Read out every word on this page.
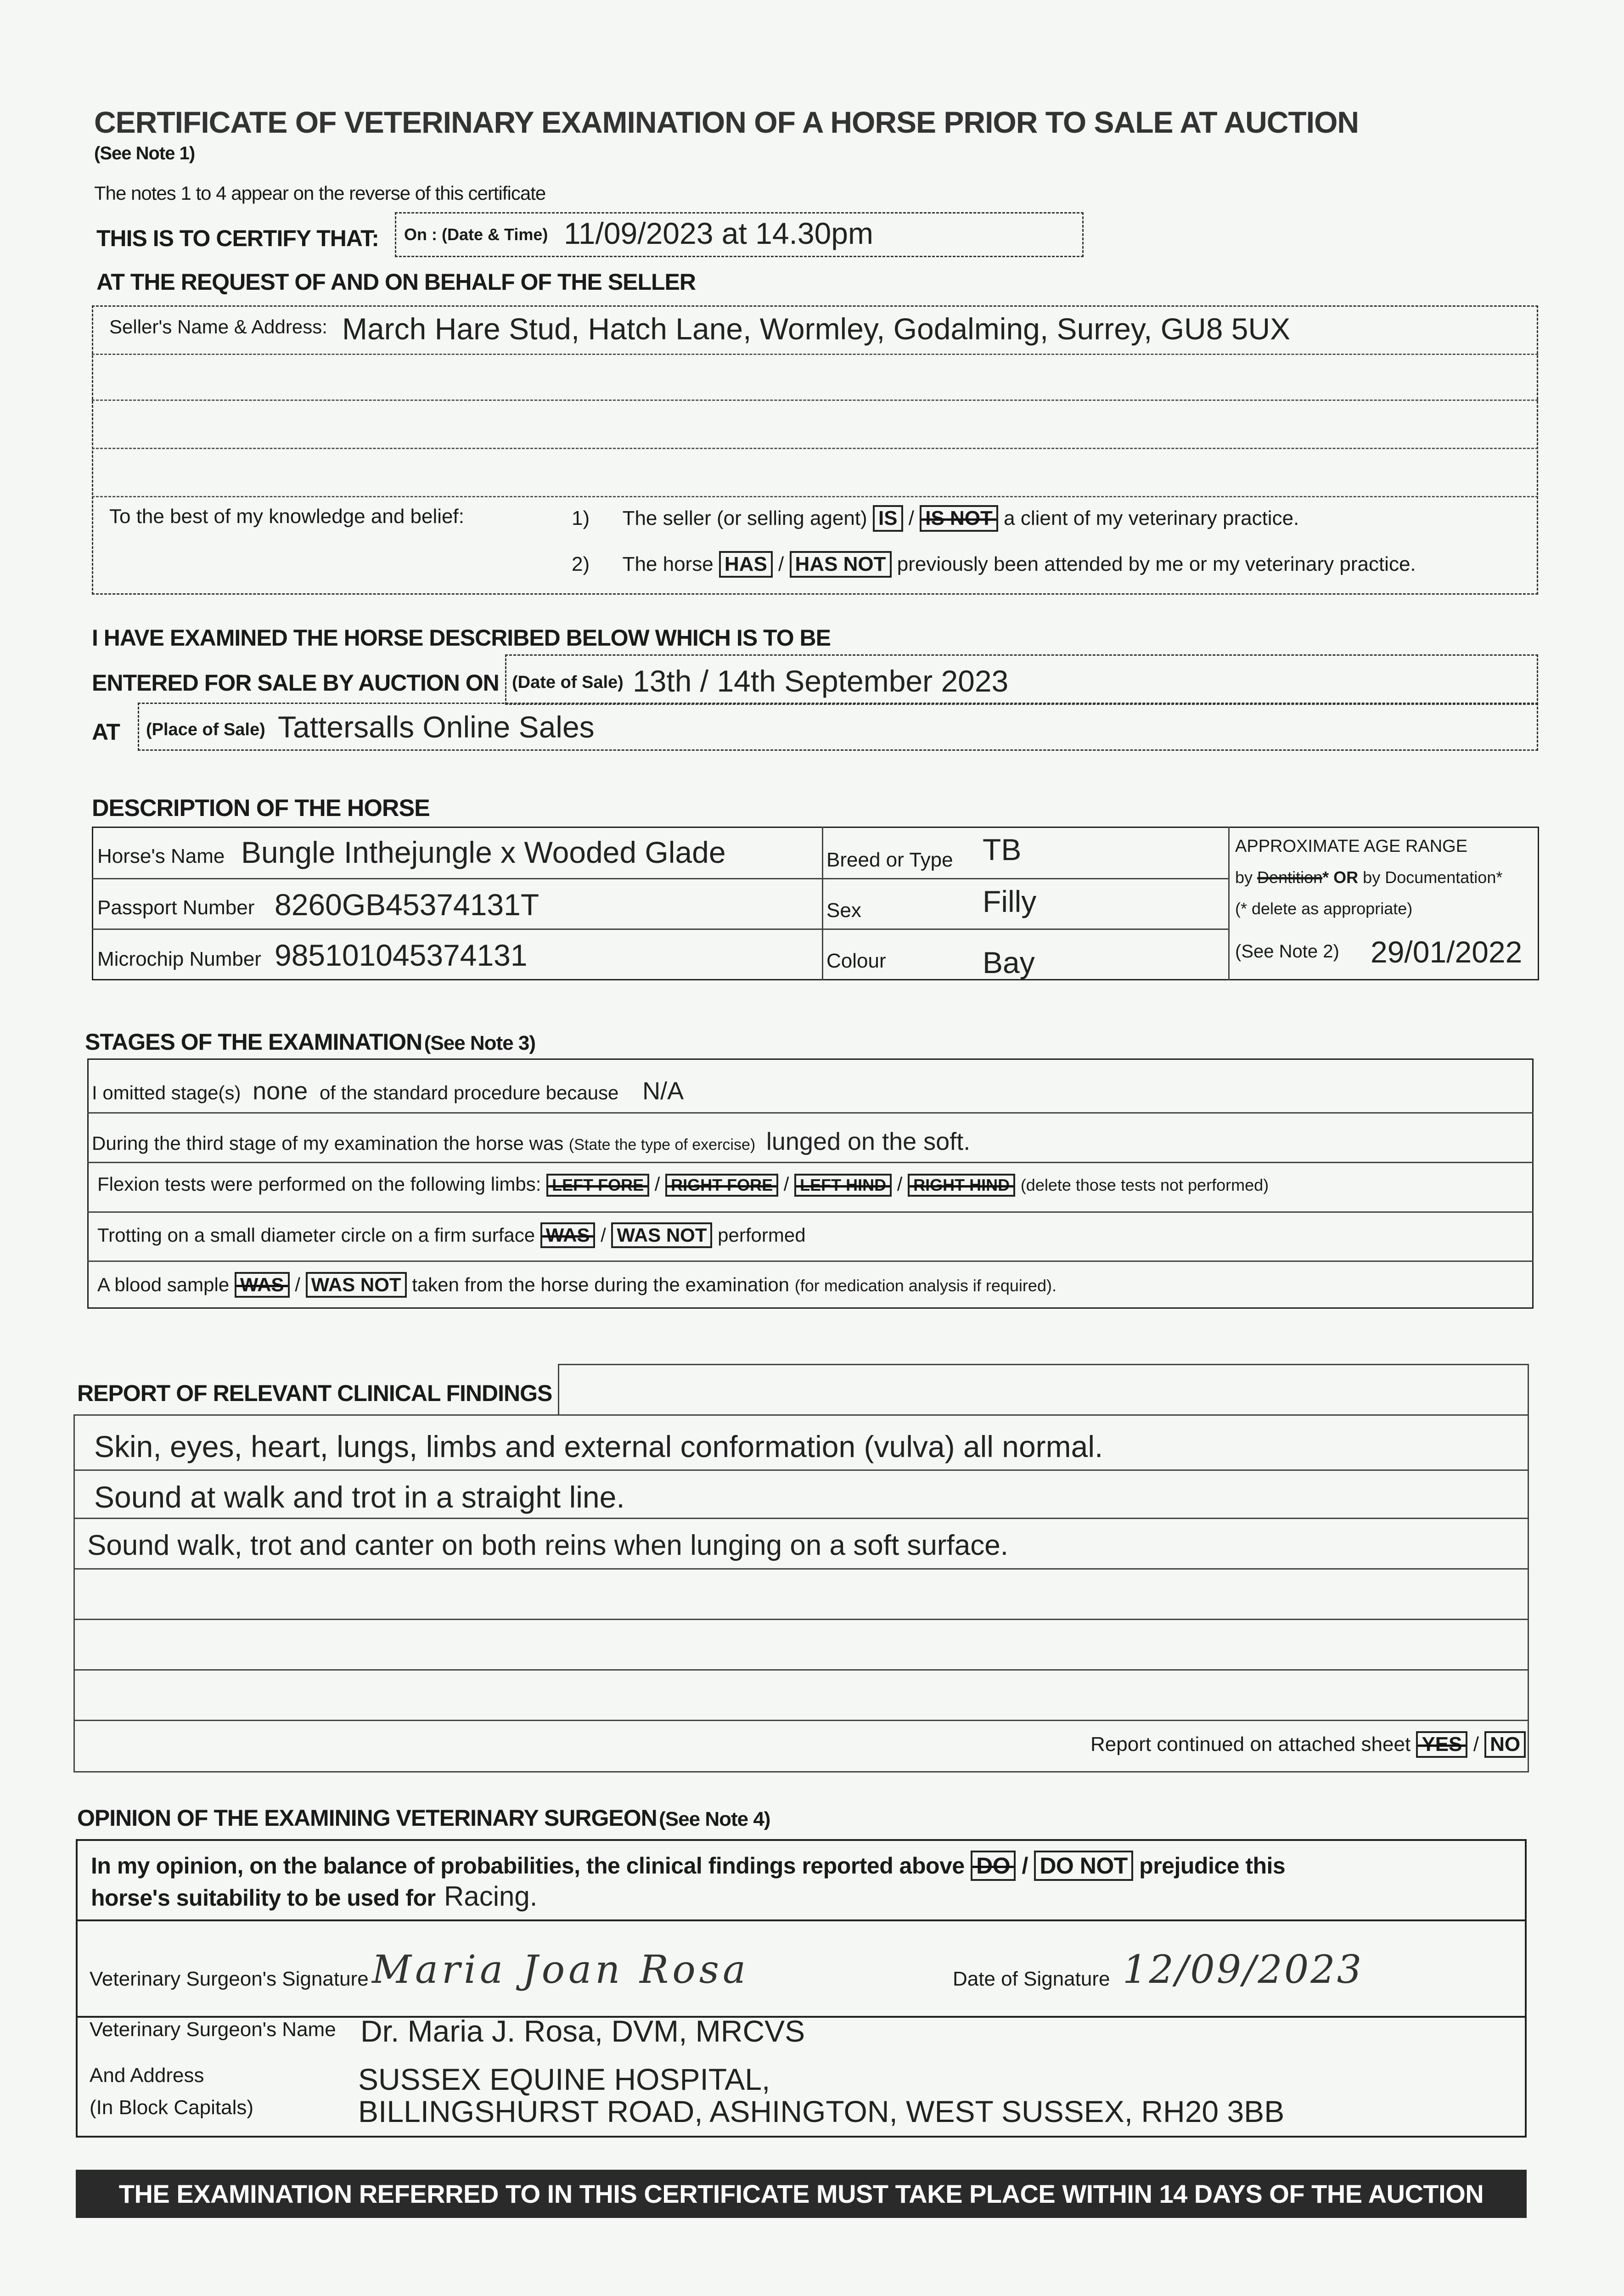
CERTIFICATE OF VETERINARY EXAMINATION OF A HORSE PRIOR TO SALE AT AUCTION
(See Note 1)
The notes 1 to 4 appear on the reverse of this certificate
THIS IS TO CERTIFY THAT: On : (Date & Time) 11/09/2023 at 14.30pm
AT THE REQUEST OF AND ON BEHALF OF THE SELLER
Seller's Name & Address: March Hare Stud, Hatch Lane, Wormley, Godalming, Surrey, GU8 5UX
To the best of my knowledge and belief:	1) The seller (or selling agent) IS / IS NOT a client of my veterinary practice.
2) The horse HAS / HAS NOT previously been attended by me or my veterinary practice.
I HAVE EXAMINED THE HORSE DESCRIBED BELOW WHICH IS TO BE
ENTERED FOR SALE BY AUCTION ON (Date of Sale) 13th / 14th September 2023
AT (Place of Sale) Tattersalls Online Sales
DESCRIPTION OF THE HORSE
Horse's Name Bungle Inthejungle x Wooded Glade
Passport Number 8260GB45374131T
Microchip Number 985101045374131
Breed or Type TB
Sex	Filly
Colour	Bay
APPROXIMATE AGE RANGE
by Dentition* OR by Documentation*
(* delete as appropriate)
(See Note 2) 29/01/2022
STAGES OF THE EXAMINATION (See Note 3)
I omitted stage(s) none of the standard procedure because N/A
During the third stage of my examination the horse was (State the type of exercise) lunged on the soft.
Flexion tests were performed on the following limbs: LEFT FORE / RIGHT FORE / LEFT HIND / RIGHT HIND (delete those tests not performed)
Trotting on a small diameter circle on a firm surface WAS / WAS NOT performed
A blood sample WAS / WAS NOT taken from the horse during the examination (for medication analysis if required).
REPORT OF RELEVANT CLINICAL FINDINGS
Skin, eyes, heart, lungs, limbs and external conformation (vulva) all normal.
Sound at walk and trot in a straight line.
Sound walk, trot and canter on both reins when lunging on a soft surface.
Report continued on attached sheet YES / NO
OPINION OF THE EXAMINING VETERINARY SURGEON (See Note 4)
In my opinion, on the balance of probabilities, the clinical findings reported above DO / DO NOT prejudice this
horse's suitability to be used for Racing.
Veterinary Surgeon's Signature Maria Joan Rosa	Date of Signature 12/09/2023
Veterinary Surgeon's Name Dr. Maria J. Rosa, DVM, MRCVS
And Address
(In Block Capitals)
SUSSEX EQUINE HOSPITAL,
BILLINGSHURST ROAD, ASHINGTON, WEST SUSSEX, RH20 3BB
THE EXAMINATION REFERRED TO IN THIS CERTIFICATE MUST TAKE PLACE WITHIN 14 DAYS OF THE AUCTION
